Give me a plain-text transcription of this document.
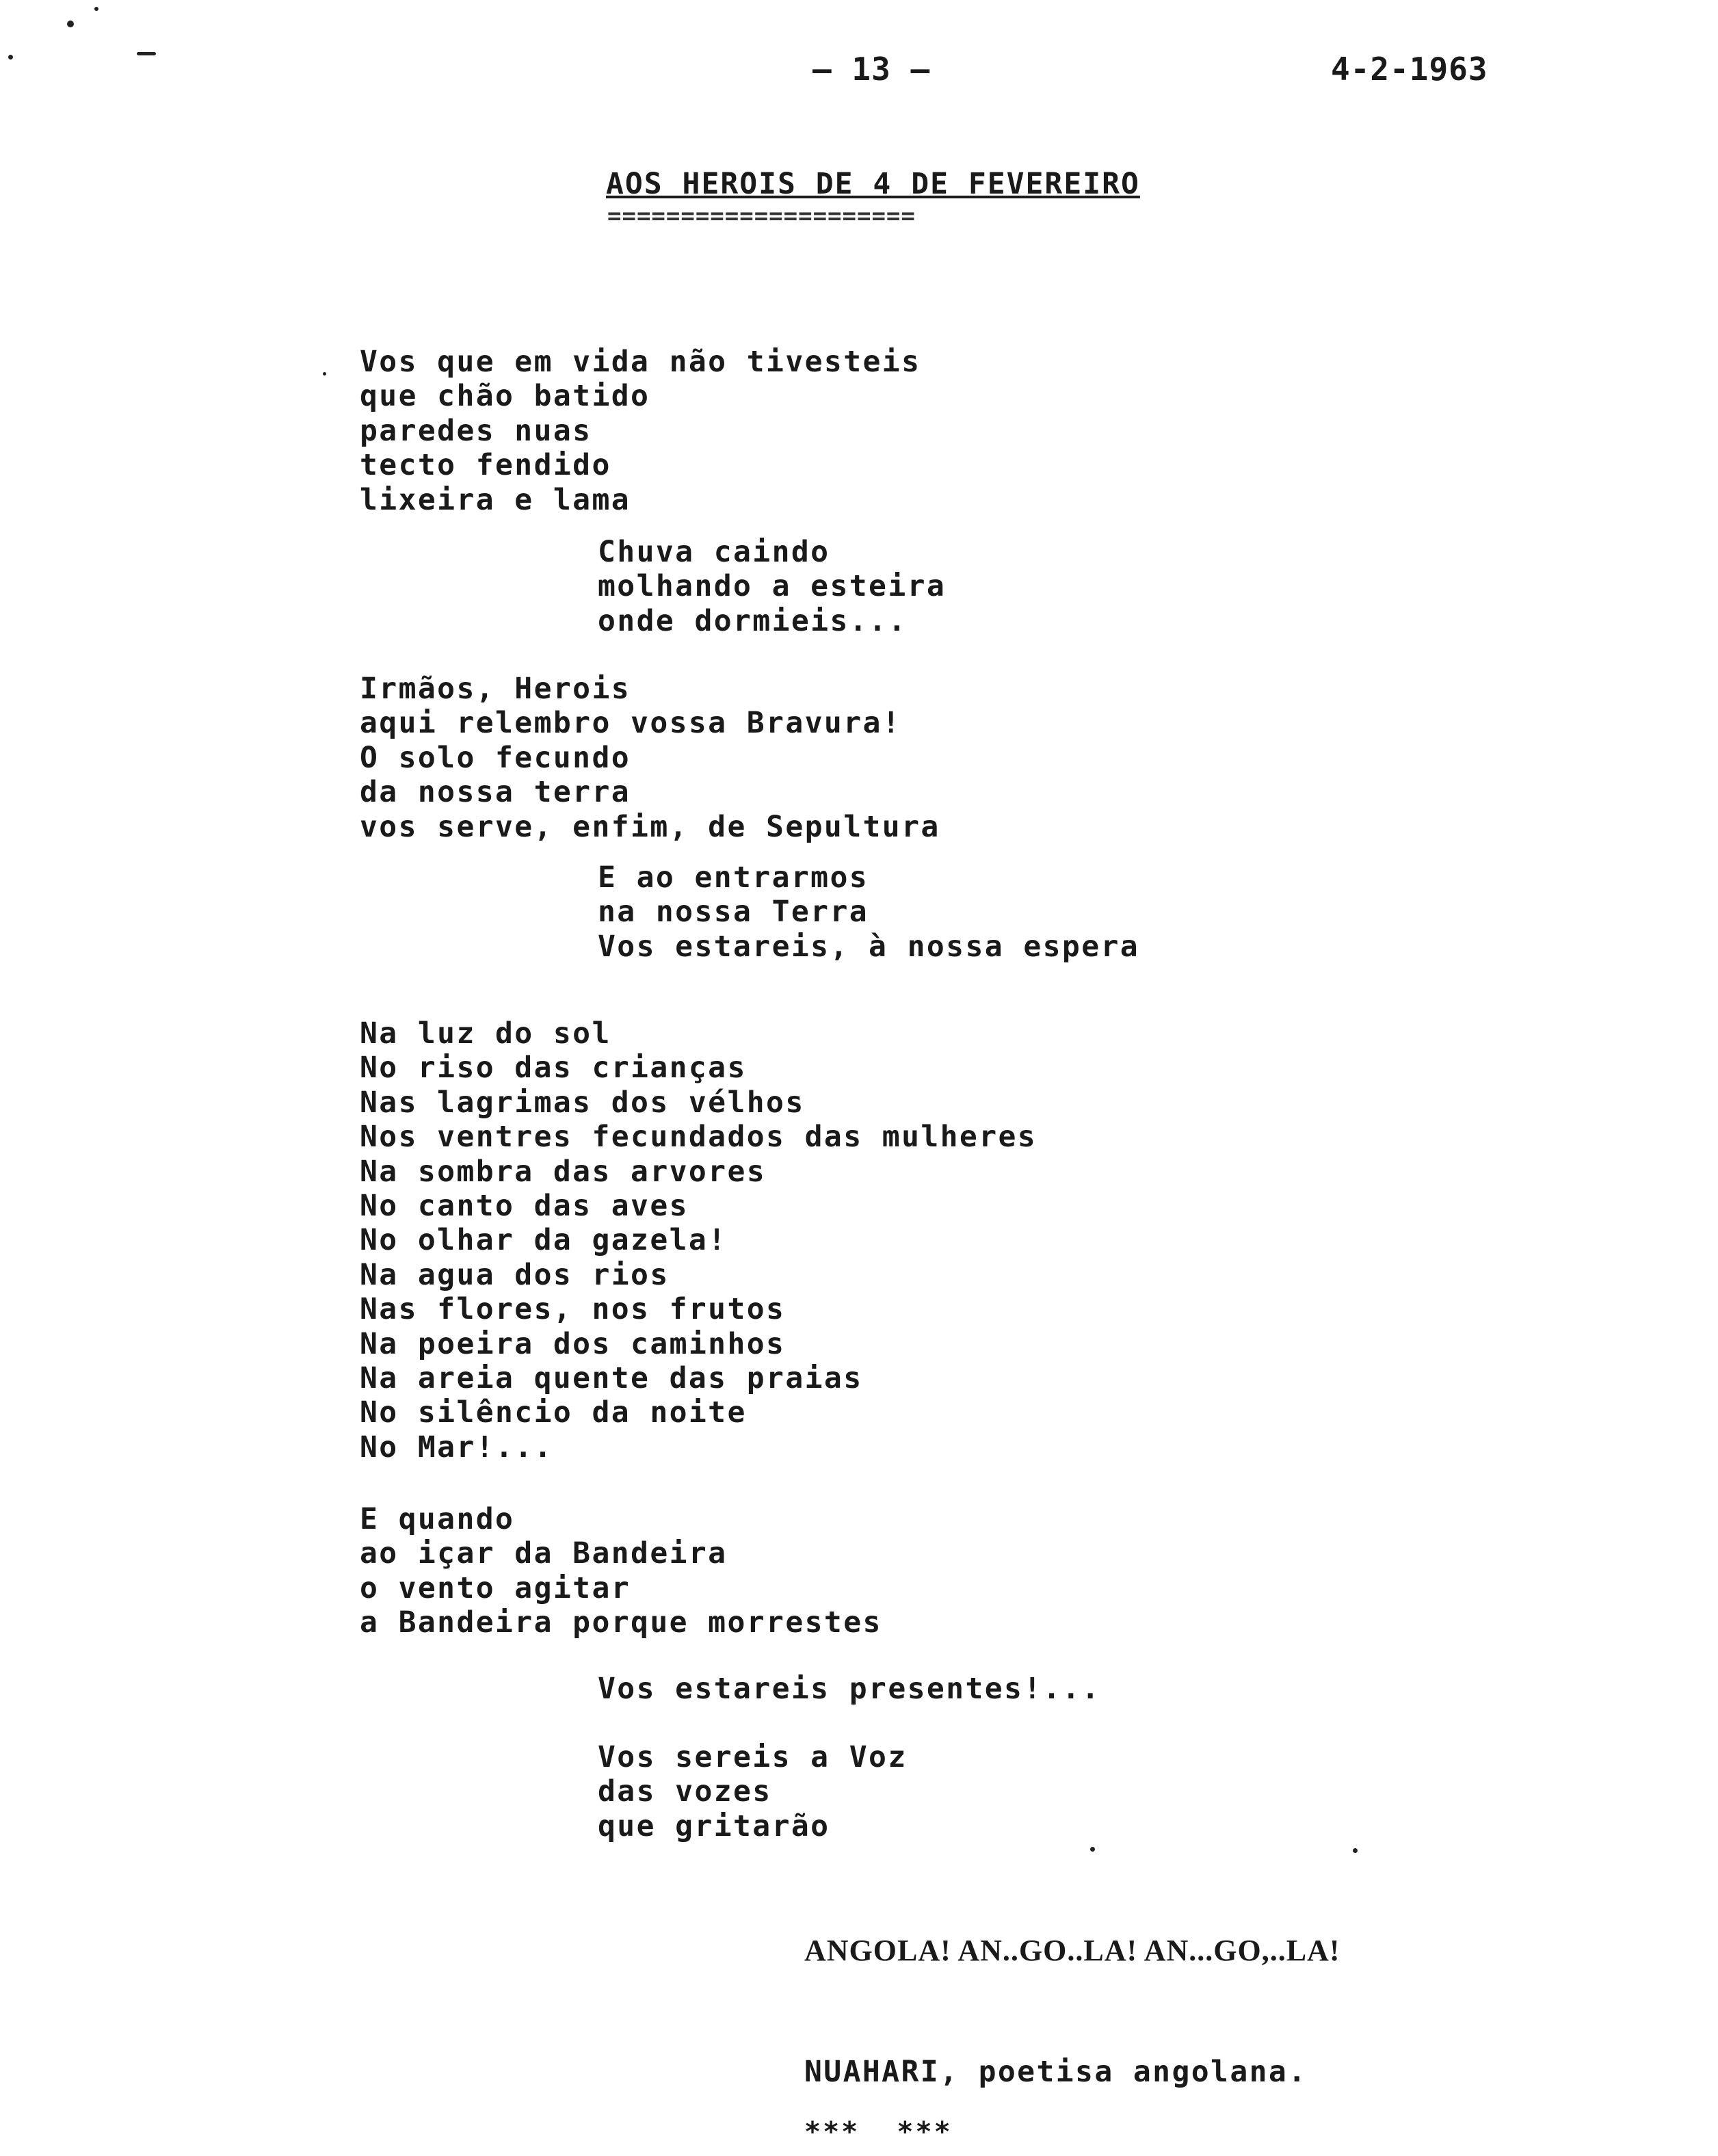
– 13 –	4-2-1963
AOS HEROIS DE 4 DE FEVEREIRO
=====================
Vos que em vida não tivesteis
que chão batido
paredes nuas
tecto fendido
lixeira e lama
Chuva caindo
molhando a esteira
onde dormieis...
Irmãos, Herois
aqui relembro vossa Bravura!
O solo fecundo
da nossa terra
vos serve, enfim, de Sepultura
E ao entrarmos
na nossa Terra
Vos estareis, à nossa espera
Na luz do sol
No riso das crianças
Nas lagrimas dos vélhos
Nos ventres fecundados das mulheres
Na sombra das arvores
No canto das aves
No olhar da gazela!
Na agua dos rios
Nas flores, nos frutos
Na poeira dos caminhos
Na areia quente das praias
No silêncio da noite
No Mar!...
E quando
ao içar da Bandeira
o vento agitar
a Bandeira porque morrestes
Vos estareis presentes!...
Vos sereis a Voz
das vozes
que gritarão
ANGOLA! AN..GO..LA! AN...GO,..LA!
NUAHARI, poetisa angolana.
***  ***
